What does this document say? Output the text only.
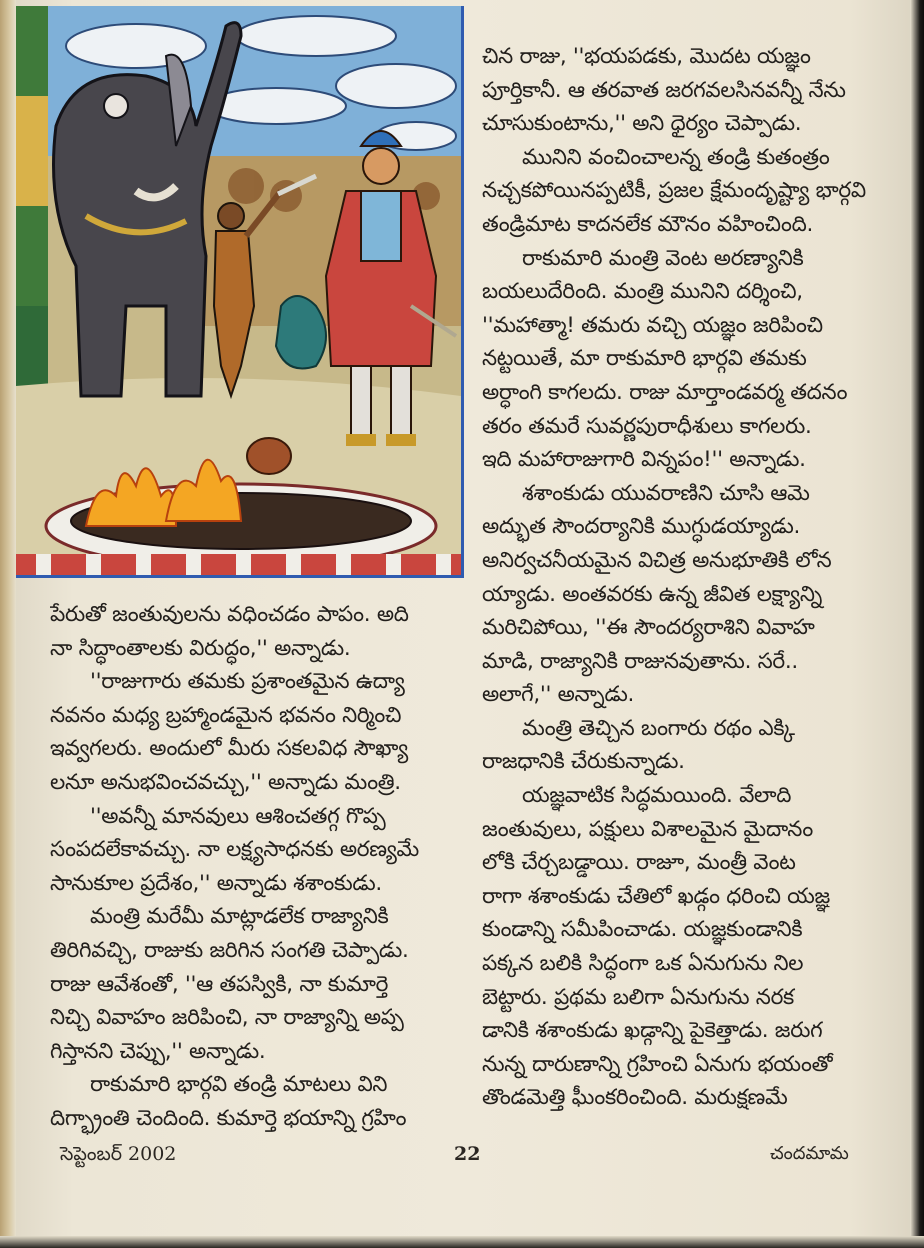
చిన రాజు, ''భయపడకు, మొదట యజ్ఞం
పూర్తికానీ. ఆ తరవాత జరగవలసినవన్నీ నేను
చూసుకుంటాను,'' అని ధైర్యం చెప్పాడు.

మునిని వంచించాలన్న తండ్రి కుతంత్రం
నచ్చకపోయినప్పటికీ, ప్రజల క్షేమందృష్ట్యా భార్గవి
తండ్రిమాట కాదనలేక మౌనం వహించింది.

రాకుమారి మంత్రి వెంట అరణ్యానికి
బయలుదేరింది. మంత్రి మునిని దర్శించి,
''మహాత్మా! తమరు వచ్చి యజ్ఞం జరిపించి
నట్టయితే, మా రాకుమారి భార్గవి తమకు
అర్ధాంగి కాగలదు. రాజు మార్తాండవర్మ తదనం
తరం తమరే సువర్ణపురాధీశులు కాగలరు.
ఇది మహారాజుగారి విన్నపం!'' అన్నాడు.

శశాంకుడు యువరాణిని చూసి ఆమె
అద్భుత సౌందర్యానికి ముగ్ధుడయ్యాడు.
అనిర్వచనీయమైన విచిత్ర అనుభూతికి లోన
య్యాడు. అంతవరకు ఉన్న జీవిత లక్ష్యాన్ని
మరిచిపోయి, ''ఈ సౌందర్యరాశిని వివాహ
మాడి, రాజ్యానికి రాజునవుతాను. సరే..
అలాగే,'' అన్నాడు.

మంత్రి తెచ్చిన బంగారు రథం ఎక్కి
రాజధానికి చేరుకున్నాడు.

యజ్ఞవాటిక సిద్ధమయింది. వేలాది
జంతువులు, పక్షులు విశాలమైన మైదానం
లోకి చేర్చబడ్డాయి. రాజూ, మంత్రీ వెంట
రాగా శశాంకుడు చేతిలో ఖడ్గం ధరించి యజ్ఞ
కుండాన్ని సమీపించాడు. యజ్ఞకుండానికి
పక్కన బలికి సిద్ధంగా ఒక ఏనుగును నిల
బెట్టారు. ప్రథమ బలిగా ఏనుగును నరక
డానికి శశాంకుడు ఖడ్గాన్ని పైకెత్తాడు. జరుగ
నున్న దారుణాన్ని గ్రహించి ఏనుగు భయంతో
తొండమెత్తి ఘీంకరించింది. మరుక్షణమే

పేరుతో జంతువులను వధించడం పాపం. అది
నా సిద్ధాంతాలకు విరుద్ధం,'' అన్నాడు.

''రాజుగారు తమకు ప్రశాంతమైన ఉద్యా
నవనం మధ్య బ్రహ్మాండమైన భవనం నిర్మించి
ఇవ్వగలరు. అందులో మీరు సకలవిధ సౌఖ్యా
లనూ అనుభవించవచ్చు,'' అన్నాడు మంత్రి.

''అవన్నీ మానవులు ఆశించతగ్గ గొప్ప
సంపదలేకావచ్చు. నా లక్ష్యసాధనకు అరణ్యమే
సానుకూల ప్రదేశం,'' అన్నాడు శశాంకుడు.

మంత్రి మరేమీ మాట్లాడలేక రాజ్యానికి
తిరిగివచ్చి, రాజుకు జరిగిన సంగతి చెప్పాడు.
రాజు ఆవేశంతో, ''ఆ తపస్వికి, నా కుమార్తె
నిచ్చి వివాహం జరిపించి, నా రాజ్యాన్ని అప్ప
గిస్తానని చెప్పు,'' అన్నాడు.

రాకుమారి భార్గవి తండ్రి మాటలు విని
దిగ్భ్రాంతి చెందింది. కుమార్తె భయాన్ని గ్రహిం

సెప్టెంబర్ 2002	22	చందమామ
